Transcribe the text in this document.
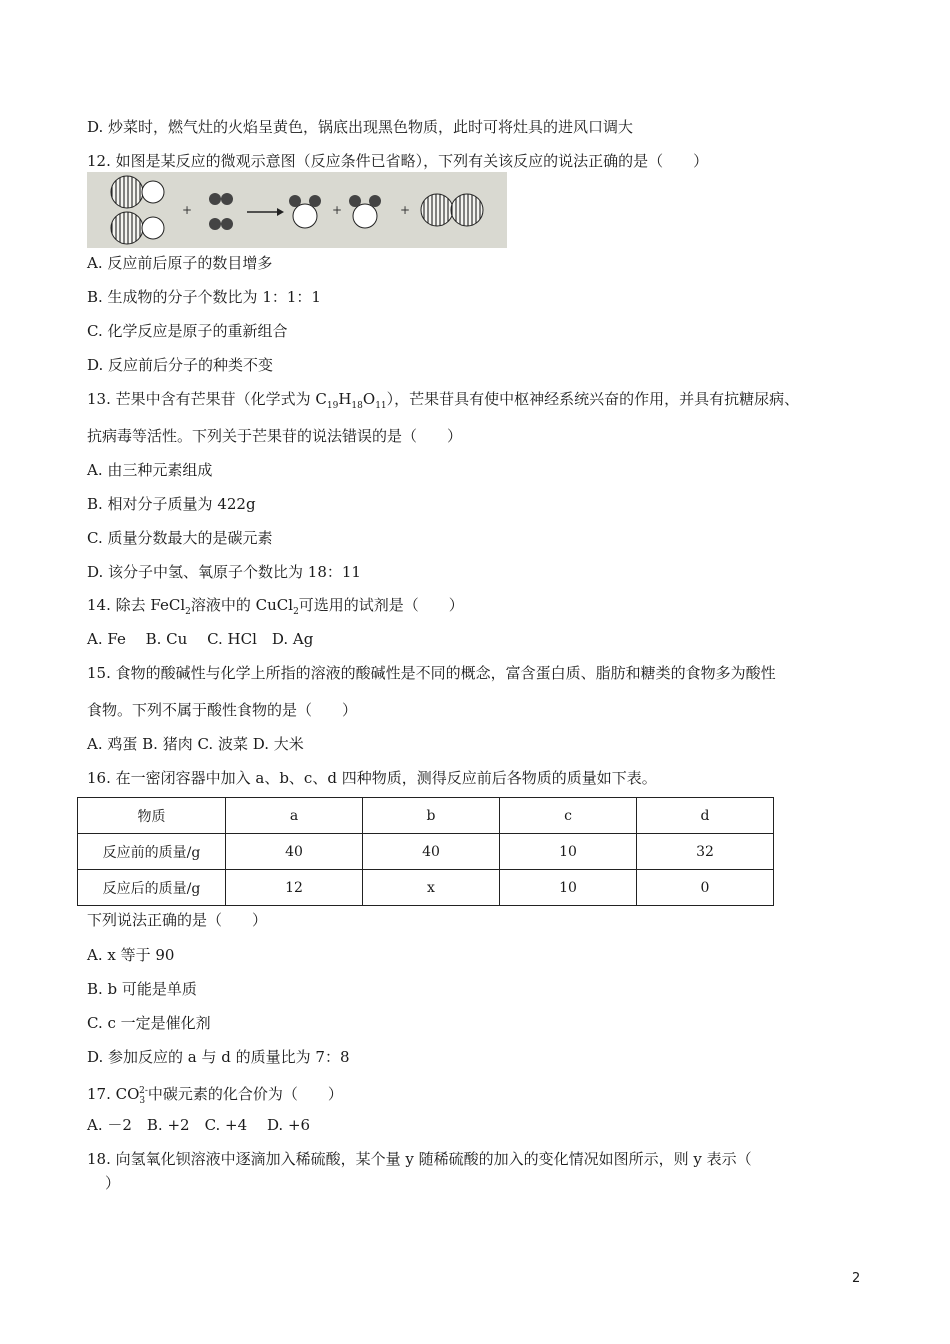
D. 炒菜时，燃气灶的火焰呈黄色，锅底出现黑色物质，此时可将灶具的进风口调大
12. 如图是某反应的微观示意图（反应条件已省略），下列有关该反应的说法正确的是（　　）
+	+	+
A. 反应前后原子的数目增多
B. 生成物的分子个数比为 1：1：1
C. 化学反应是原子的重新组合
D. 反应前后分子的种类不变
13. 芒果中含有芒果苷（化学式为 $C_{19}H_{18}O_{11}$），芒果苷具有使中枢神经系统兴奋的作用，并具有抗糖尿病、
抗病毒等活性。下列关于芒果苷的说法错误的是（　　）
A. 由三种元素组成
B. 相对分子质量为 422g
C. 质量分数最大的是碳元素
D. 该分子中氢、氧原子个数比为 18：11
14. 除去 FeCl$_2$溶液中的 CuCl$_2$可选用的试剂是（　　）
A. Fe　 B. Cu　 C. HCl　D. Ag
15. 食物的酸碱性与化学上所指的溶液的酸碱性是不同的概念，富含蛋白质、脂肪和糖类的食物多为酸性
食物。下列不属于酸性食物的是（　　）
A. 鸡蛋 B. 猪肉 C. 波菜 D. 大米
16. 在一密闭容器中加入 a、b、c、d 四种物质，测得反应前后各物质的质量如下表。
物质	a	b	c	d
反应前的质量/g	40	40	10	32
反应后的质量/g	12	x	10	0
下列说法正确的是（　　）
A. x 等于 90
B. b 可能是单质
C. c 一定是催化剂
D. 参加反应的 a 与 d 的质量比为 7：8
17. $CO_3^{2-}$中碳元素的化合价为（　　）
A. －2　B. +2　C. +4　 D. +6
18. 向氢氧化钡溶液中逐滴加入稀硫酸，某个量 y 随稀硫酸的加入的变化情况如图所示，则 y 表示（
）
2
